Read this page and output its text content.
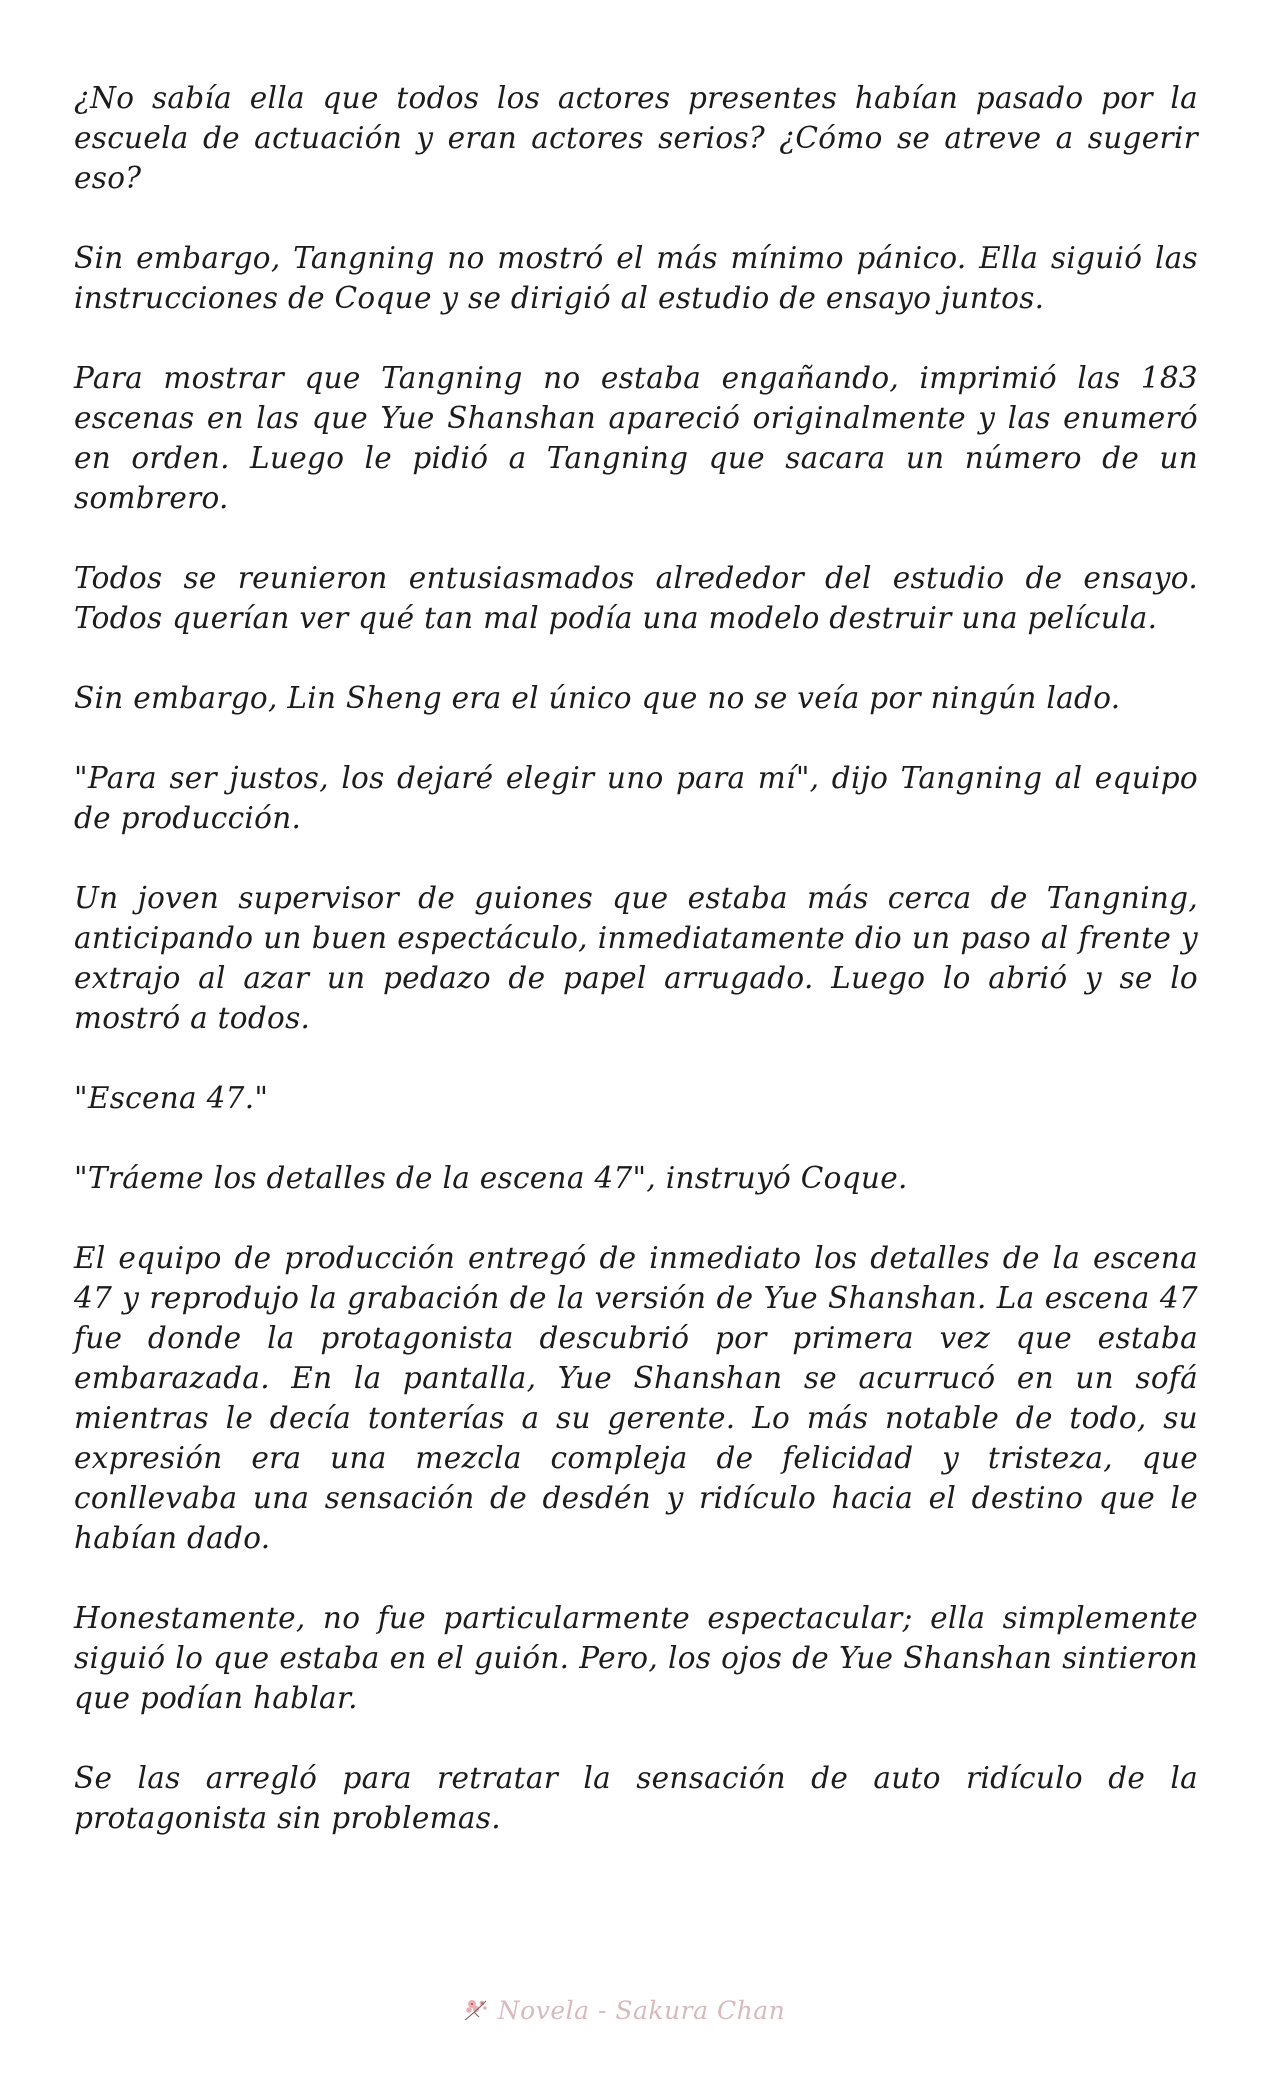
¿No sabía ella que todos los actores presentes habían pasado por la escuela de actuación y eran actores serios? ¿Cómo se atreve a sugerir eso?

Sin embargo, Tangning no mostró el más mínimo pánico. Ella siguió las instrucciones de Coque y se dirigió al estudio de ensayo juntos.

Para mostrar que Tangning no estaba engañando, imprimió las 183 escenas en las que Yue Shanshan apareció originalmente y las enumeró en orden. Luego le pidió a Tangning que sacara un número de un sombrero.

Todos se reunieron entusiasmados alrededor del estudio de ensayo. Todos querían ver qué tan mal podía una modelo destruir una película.

Sin embargo, Lin Sheng era el único que no se veía por ningún lado.

"Para ser justos, los dejaré elegir uno para mí", dijo Tangning al equipo de producción.

Un joven supervisor de guiones que estaba más cerca de Tangning, anticipando un buen espectáculo, inmediatamente dio un paso al frente y extrajo al azar un pedazo de papel arrugado. Luego lo abrió y se lo mostró a todos.

"Escena 47."

"Tráeme los detalles de la escena 47", instruyó Coque.

El equipo de producción entregó de inmediato los detalles de la escena 47 y reprodujo la grabación de la versión de Yue Shanshan. La escena 47 fue donde la protagonista descubrió por primera vez que estaba embarazada. En la pantalla, Yue Shanshan se acurrucó en un sofá mientras le decía tonterías a su gerente. Lo más notable de todo, su expresión era una mezcla compleja de felicidad y tristeza, que conllevaba una sensación de desdén y ridículo hacia el destino que le habían dado.

Honestamente, no fue particularmente espectacular; ella simplemente siguió lo que estaba en el guión. Pero, los ojos de Yue Shanshan sintieron que podían hablar.

Se las arregló para retratar la sensación de auto ridículo de la protagonista sin problemas.

Novela - Sakura Chan
